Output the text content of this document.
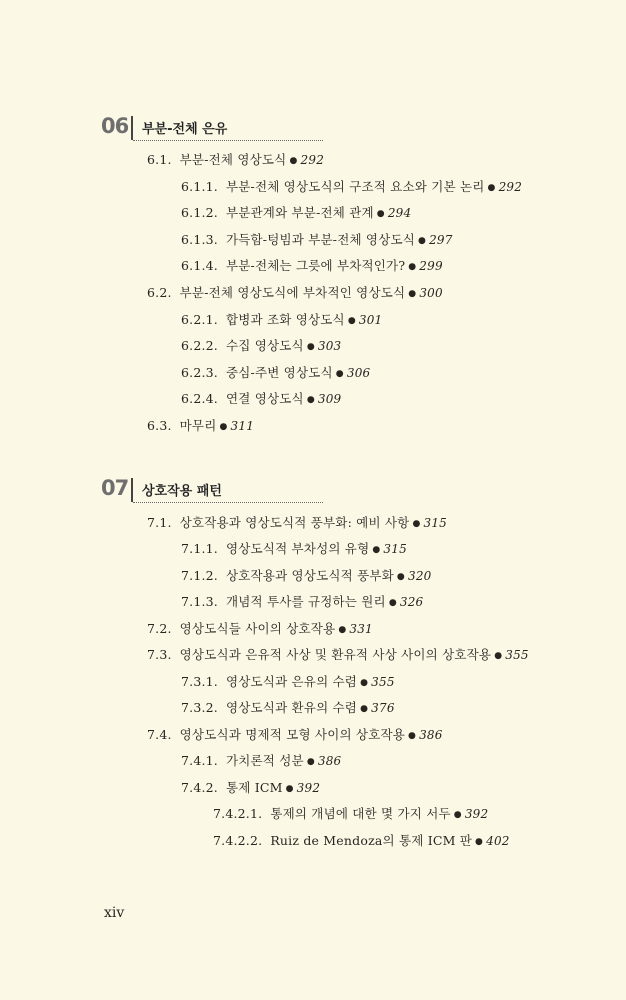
06 부분-전체 은유
6.1. 부분-전체 영상도식 ● 292
6.1.1. 부분-전체 영상도식의 구조적 요소와 기본 논리 ● 292
6.1.2. 부분관계와 부분-전체 관계 ● 294
6.1.3. 가득함-텅빔과 부분-전체 영상도식 ● 297
6.1.4. 부분-전체는 그릇에 부차적인가? ● 299
6.2. 부분-전체 영상도식에 부차적인 영상도식 ● 300
6.2.1. 합병과 조화 영상도식 ● 301
6.2.2. 수집 영상도식 ● 303
6.2.3. 중심-주변 영상도식 ● 306
6.2.4. 연결 영상도식 ● 309
6.3. 마무리 ● 311
07 상호작용 패턴
7.1. 상호작용과 영상도식적 풍부화: 예비 사항 ● 315
7.1.1. 영상도식적 부차성의 유형 ● 315
7.1.2. 상호작용과 영상도식적 풍부화 ● 320
7.1.3. 개념적 투사를 규정하는 원리 ● 326
7.2. 영상도식들 사이의 상호작용 ● 331
7.3. 영상도식과 은유적 사상 및 환유적 사상 사이의 상호작용 ● 355
7.3.1. 영상도식과 은유의 수렴 ● 355
7.3.2. 영상도식과 환유의 수렴 ● 376
7.4. 영상도식과 명제적 모형 사이의 상호작용 ● 386
7.4.1. 가치론적 성분 ● 386
7.4.2. 통제 ICM ● 392
7.4.2.1. 통제의 개념에 대한 몇 가지 서두 ● 392
7.4.2.2. Ruiz de Mendoza의 통제 ICM 판 ● 402
xiv
